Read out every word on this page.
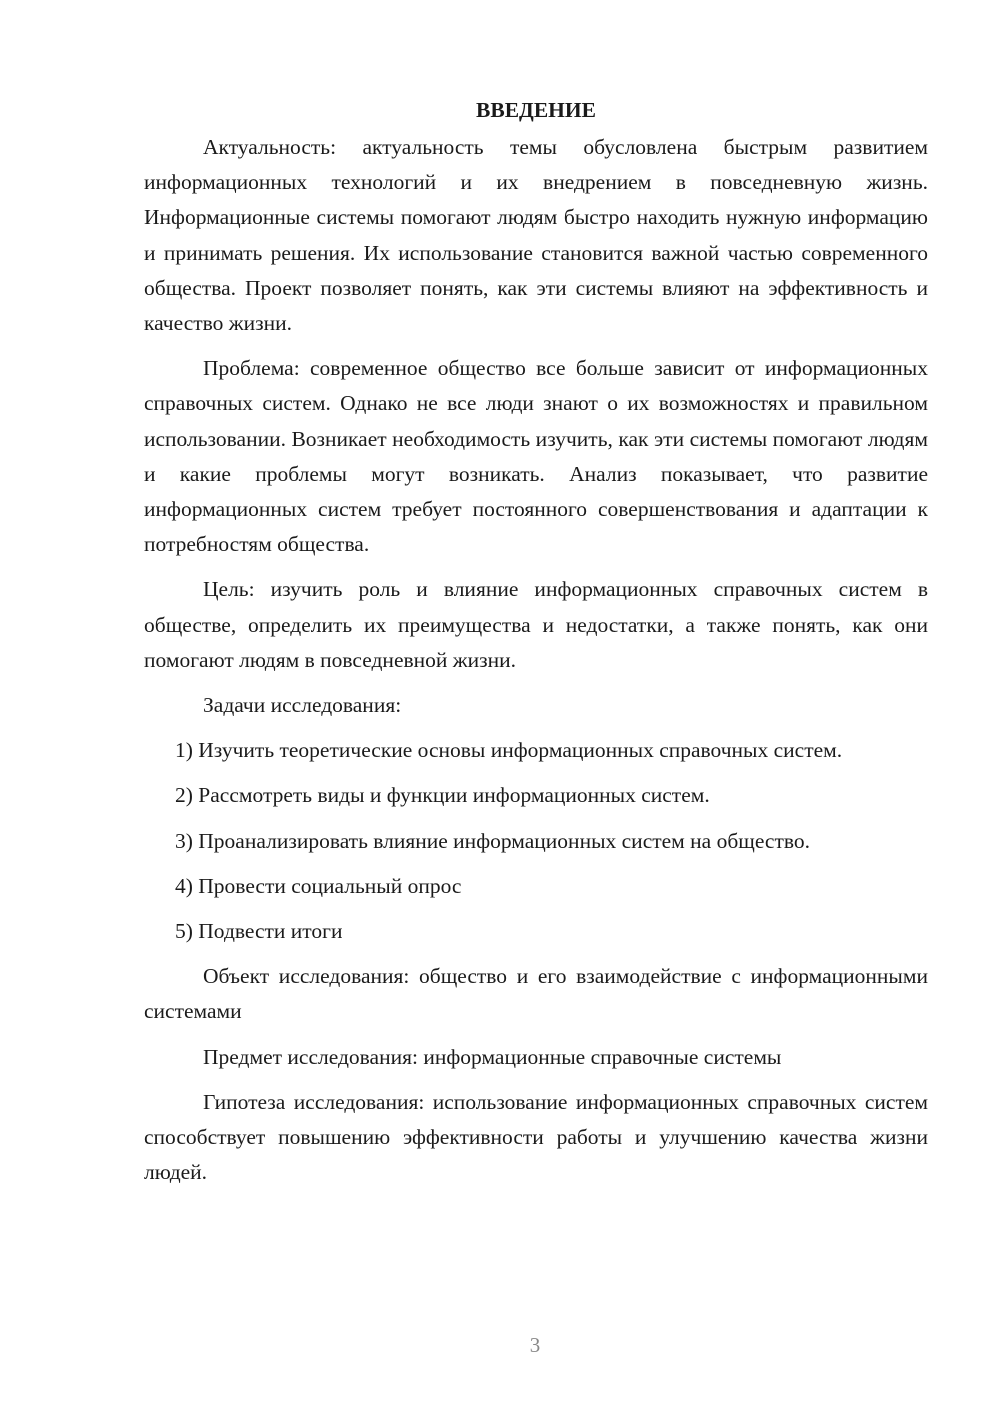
ВВЕДЕНИЕ

Актуальность: актуальность темы обусловлена быстрым развитием информационных технологий и их внедрением в повседневную жизнь. Информационные системы помогают людям быстро находить нужную информацию и принимать решения. Их использование становится важной частью современного общества. Проект позволяет понять, как эти системы влияют на эффективность и качество жизни.

Проблема: современное общество все больше зависит от информационных справочных систем. Однако не все люди знают о их возможностях и правильном использовании. Возникает необходимость изучить, как эти системы помогают людям и какие проблемы могут возникать. Анализ показывает, что развитие информационных систем требует постоянного совершенствования и адаптации к потребностям общества.

Цель: изучить роль и влияние информационных справочных систем в обществе, определить их преимущества и недостатки, а также понять, как они помогают людям в повседневной жизни.

Задачи исследования:

1) Изучить теоретические основы информационных справочных систем.

2) Рассмотреть виды и функции информационных систем.

3) Проанализировать влияние информационных систем на общество.

4) Провести социальный опрос

5) Подвести итоги

Объект исследования: общество и его взаимодействие с информационными системами

Предмет исследования: информационные справочные системы

Гипотеза исследования: использование информационных справочных систем способствует повышению эффективности работы и улучшению качества жизни людей.

3
